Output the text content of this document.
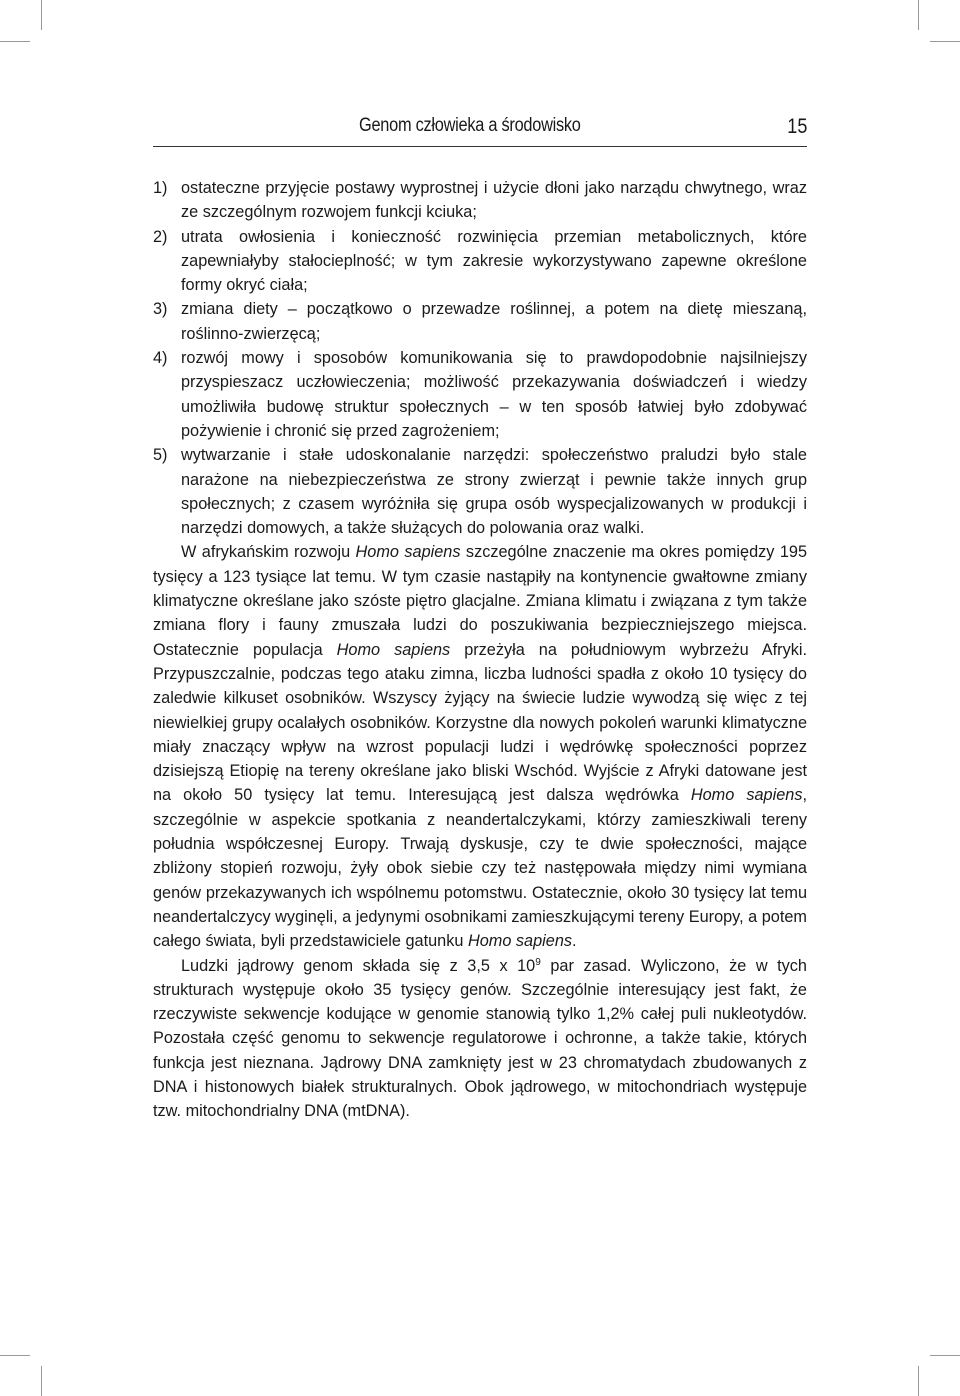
Genom człowieka a środowisko	15
1) ostateczne przyjęcie postawy wyprostnej i użycie dłoni jako narządu chwytnego, wraz ze szczególnym rozwojem funkcji kciuka;
2) utrata owłosienia i konieczność rozwinięcia przemian metabolicznych, które zapewniałyby stałocieplność; w tym zakresie wykorzystywano zapewne określone formy okryć ciała;
3) zmiana diety – początkowo o przewadze roślinnej, a potem na dietę mieszaną, roślinno-zwierzęcą;
4) rozwój mowy i sposobów komunikowania się to prawdopodobnie najsilniejszy przyspieszacz uczłowieczenia; możliwość przekazywania doświadczeń i wiedzy umożliwiła budowę struktur społecznych – w ten sposób łatwiej było zdobywać pożywienie i chronić się przed zagrożeniem;
5) wytwarzanie i stałe udoskonalanie narzędzi: społeczeństwo praludzi było stale narażone na niebezpieczeństwa ze strony zwierząt i pewnie także innych grup społecznych; z czasem wyróżniła się grupa osób wyspecjalizowanych w produkcji i narzędzi domowych, a także służących do polowania oraz walki.

W afrykańskim rozwoju Homo sapiens szczególne znaczenie ma okres pomiędzy 195 tysięcy a 123 tysiące lat temu. W tym czasie nastąpiły na kontynencie gwałtowne zmiany klimatyczne określane jako szóste piętro glacjalne. Zmiana klimatu i związana z tym także zmiana flory i fauny zmuszała ludzi do poszukiwania bezpieczniejszego miejsca. Ostatecznie populacja Homo sapiens przeżyła na południowym wybrzeżu Afryki. Przypuszczalnie, podczas tego ataku zimna, liczba ludności spadła z około 10 tysięcy do zaledwie kilkuset osobników. Wszyscy żyjący na świecie ludzie wywodzą się więc z tej niewielkiej grupy ocalałych osobników. Korzystne dla nowych pokoleń warunki klimatyczne miały znaczący wpływ na wzrost populacji ludzi i wędrówkę społeczności poprzez dzisiejszą Etiopię na tereny określane jako bliski Wschód. Wyjście z Afryki datowane jest na około 50 tysięcy lat temu. Interesującą jest dalsza wędrówka Homo sapiens, szczególnie w aspekcie spotkania z neandertalczykami, którzy zamieszkiwali tereny południa współczesnej Europy. Trwają dyskusje, czy te dwie społeczności, mające zbliżony stopień rozwoju, żyły obok siebie czy też następowała między nimi wymiana genów przekazywanych ich wspólnemu potomstwu. Ostatecznie, około 30 tysięcy lat temu neandertalczycy wyginęli, a jedynymi osobnikami zamieszkującymi tereny Europy, a potem całego świata, byli przedstawiciele gatunku Homo sapiens.

Ludzki jądrowy genom składa się z 3,5 x $10^9$ par zasad. Wyliczono, że w tych strukturach występuje około 35 tysięcy genów. Szczególnie interesujący jest fakt, że rzeczywiste sekwencje kodujące w genomie stanowią tylko 1,2% całej puli nukleotydów. Pozostała część genomu to sekwencje regulatorowe i ochronne, a także takie, których funkcja jest nieznana. Jądrowy DNA zamknięty jest w 23 chromatydach zbudowanych z DNA i histonowych białek strukturalnych. Obok jądrowego, w mitochondriach występuje tzw. mitochondrialny DNA (mtDNA).
